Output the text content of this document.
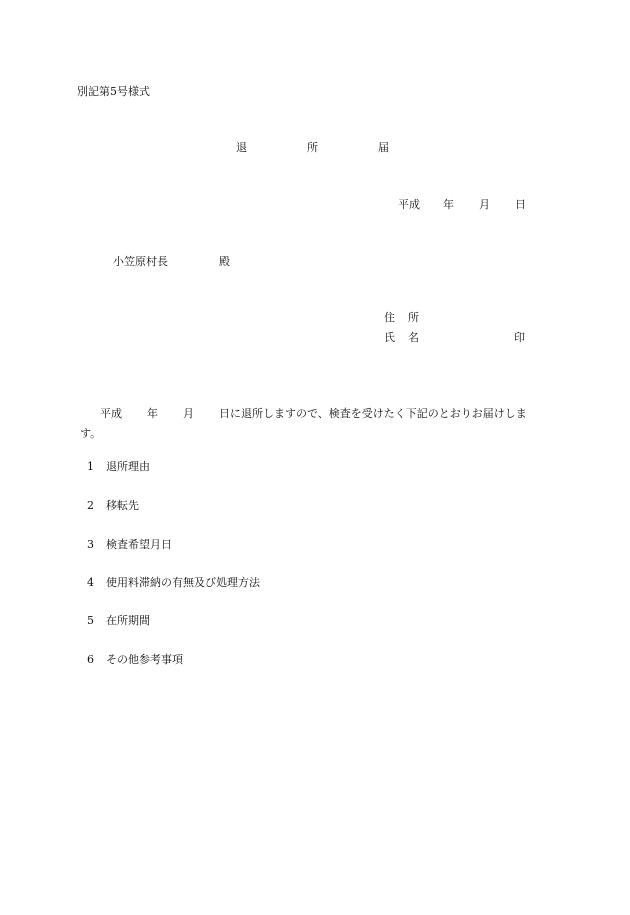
別記第5号様式
退	所	届
平成 年 月 日
小笠原村長	殿
住 所
氏 名	印
平成 年 月 日に退所しますので、検査を受けたく下記のとおりお届けしま
す。
1 退所理由
2 移転先
3 検査希望月日
4 使用料滞納の有無及び処理方法
5 在所期間
6 その他参考事項
